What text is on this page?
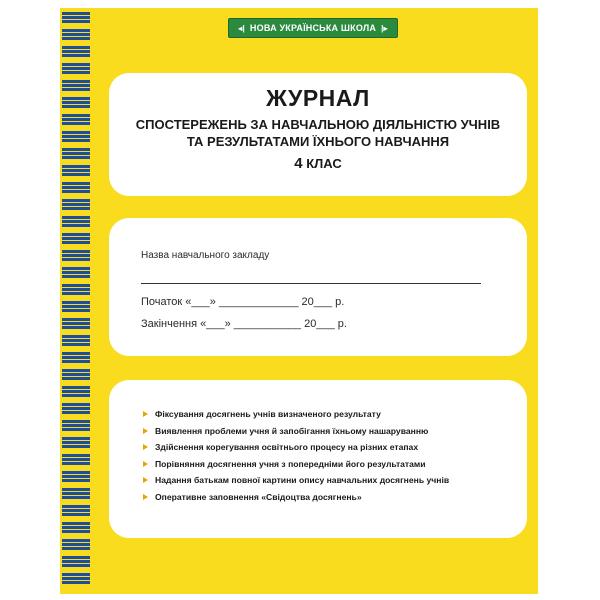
◂| НОВА УКРАЇНСЬКА ШКОЛА |▸
ЖУРНАЛ
СПОСТЕРЕЖЕНЬ ЗА НАВЧАЛЬНОЮ ДІЯЛЬНІСТЮ УЧНІВ
ТА РЕЗУЛЬТАТАМИ ЇХНЬОГО НАВЧАННЯ
4 КЛАС
Назва навчального закладу
Початок «___» _____________ 20___ р.
Закінчення «___» ___________ 20___ р.
Фіксування досягнень учнів визначеного результату
Виявлення проблеми учня й запобігання їхньому нашаруванню
Здійснення корегування освітнього процесу на різних етапах
Порівняння досягнення учня з попередніми його результатами
Надання батькам повної картини опису навчальних досягнень учнів
Оперативне заповнення «Свідоцтва досягнень»
